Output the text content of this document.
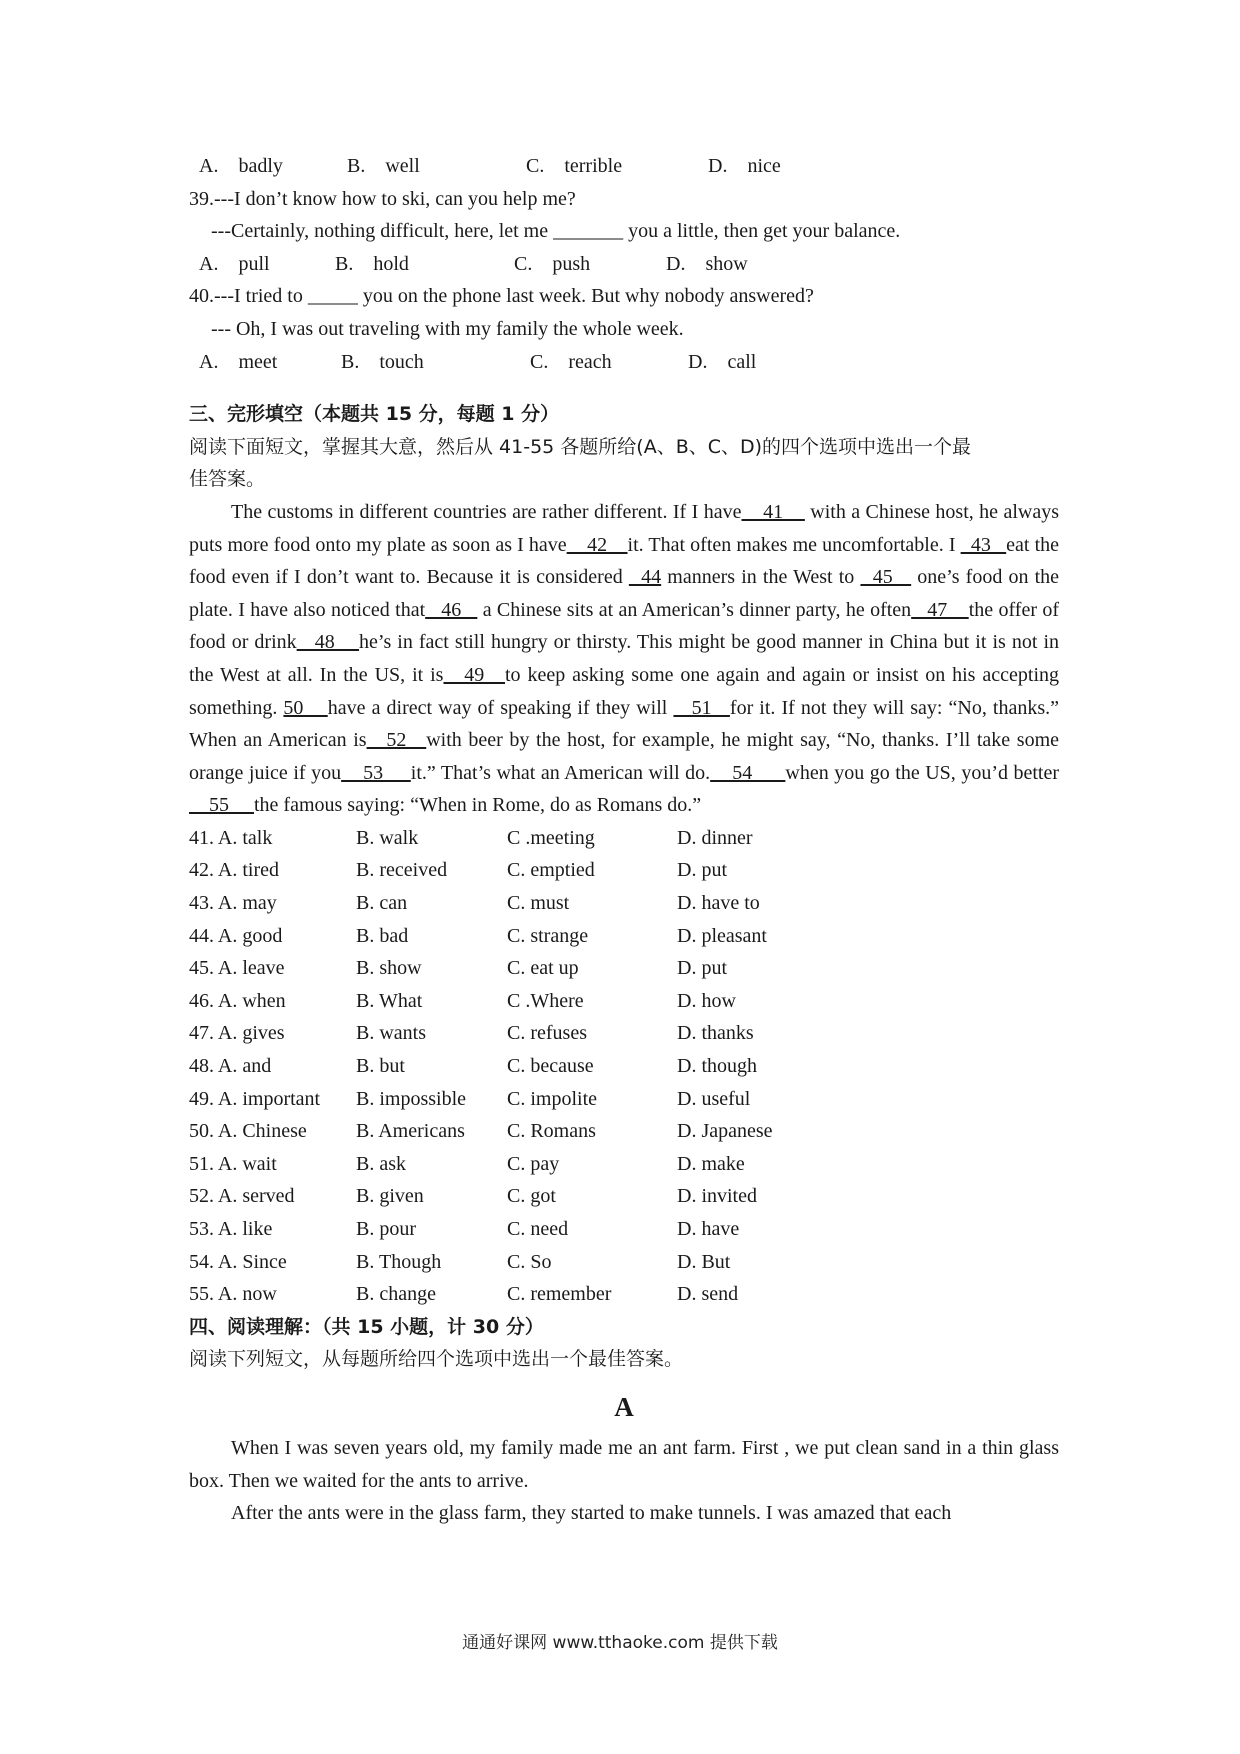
A.　badly	B.　well	C.　terrible	D.　nice
39.---I don’t know how to ski, can you help me?
---Certainly, nothing difficult, here, let me _______ you a little, then get your balance.
A.　pull	B.　hold	C.　push	D.　show
40.---I tried to _____ you on the phone last week. But why nobody answered?
--- Oh, I was out traveling with my family the whole week.
A.　meet	B.　touch	C.　reach	D.　call
三、完形填空（本题共 15 分，每题 1 分）
阅读下面短文，掌握其大意，然后从 41-55 各题所给(A、B、C、D)的四个选项中选出一个最
佳答案。
The customs in different countries are rather different. If I have    41     with a Chinese host, he always puts more food onto my plate as soon as I have    42    it. That often makes me uncomfortable. I   43   eat the food even if I don’t want to. Because it is considered   44 manners in the West to   45    one’s food on the plate. I have also noticed that   46    a Chinese sits at an American’s dinner party, he often   47    the offer of food or drink   48    he’s in fact still hungry or thirsty. This might be good manner in China but it is not in the West at all. In the US, it is   49   to keep asking some one again and again or insist on his accepting something. 50    have a direct way of speaking if they will    51   for it. If not they will say: “No, thanks.” When an American is   52   with beer by the host, for example, he might say, “No, thanks. I’ll take some orange juice if you    53     it.” That’s what an American will do.    54      when you go the US, you’d better     55     the famous saying: “When in Rome, do as Romans do.”
41. A. talk	B. walk	C .meeting	D. dinner
42. A. tired	B. received	C. emptied	D. put
43. A. may	B. can	C. must	D. have to
44. A. good	B. bad	C. strange	D. pleasant
45. A. leave	B. show	C. eat up	D. put
46. A. when	B. What	C .Where	D. how
47. A. gives	B. wants	C. refuses	D. thanks
48. A. and	B. but	C. because	D. though
49. A. important B. impossible C. impolite	D. useful
50. A. Chinese B. Americans C. Romans	D. Japanese
51. A. wait	B. ask	C. pay	D. make
52. A. served	B. given	C. got	D. invited
53. A. like	B. pour	C. need	D. have
54. A. Since	B. Though	C. So	D. But
55. A. now	B. change	C. remember	D. send
四、阅读理解：（共 15 小题，计 30 分）
阅读下列短文，从每题所给四个选项中选出一个最佳答案。
A
When I was seven years old, my family made me an ant farm. First , we put clean sand in a thin glass box. Then we waited for the ants to arrive.
After the ants were in the glass farm, they started to make tunnels. I was amazed that each
通通好课网 www.tthaoke.com 提供下载
